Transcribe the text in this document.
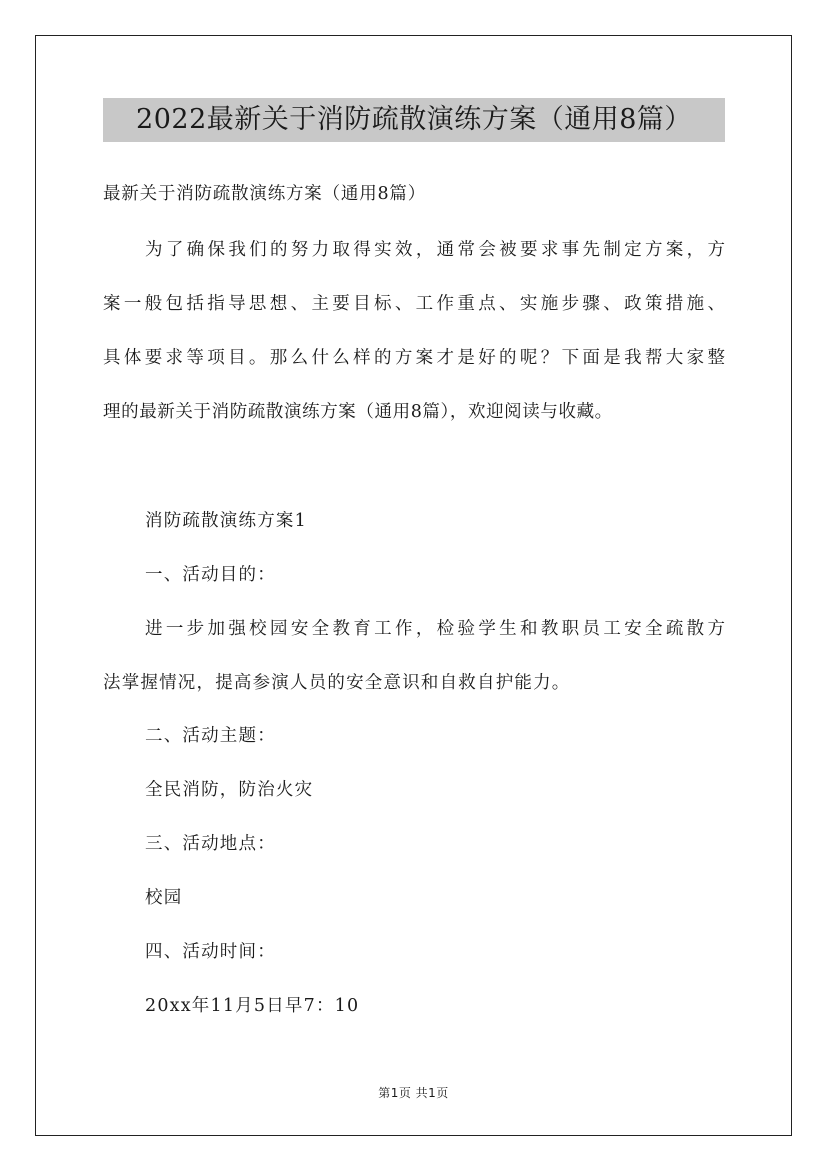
2022最新关于消防疏散演练方案（通用8篇）
最新关于消防疏散演练方案（通用8篇）
为了确保我们的努力取得实效，通常会被要求事先制定方案，方
案一般包括指导思想、主要目标、工作重点、实施步骤、政策措施、
具体要求等项目。那么什么样的方案才是好的呢？下面是我帮大家整
理的最新关于消防疏散演练方案（通用8篇），欢迎阅读与收藏。
消防疏散演练方案1
一、活动目的：
进一步加强校园安全教育工作，检验学生和教职员工安全疏散方
法掌握情况，提高参演人员的安全意识和自救自护能力。
二、活动主题：
全民消防，防治火灾
三、活动地点：
校园
四、活动时间：
20xx年11月5日早7：10
第1页 共1页
